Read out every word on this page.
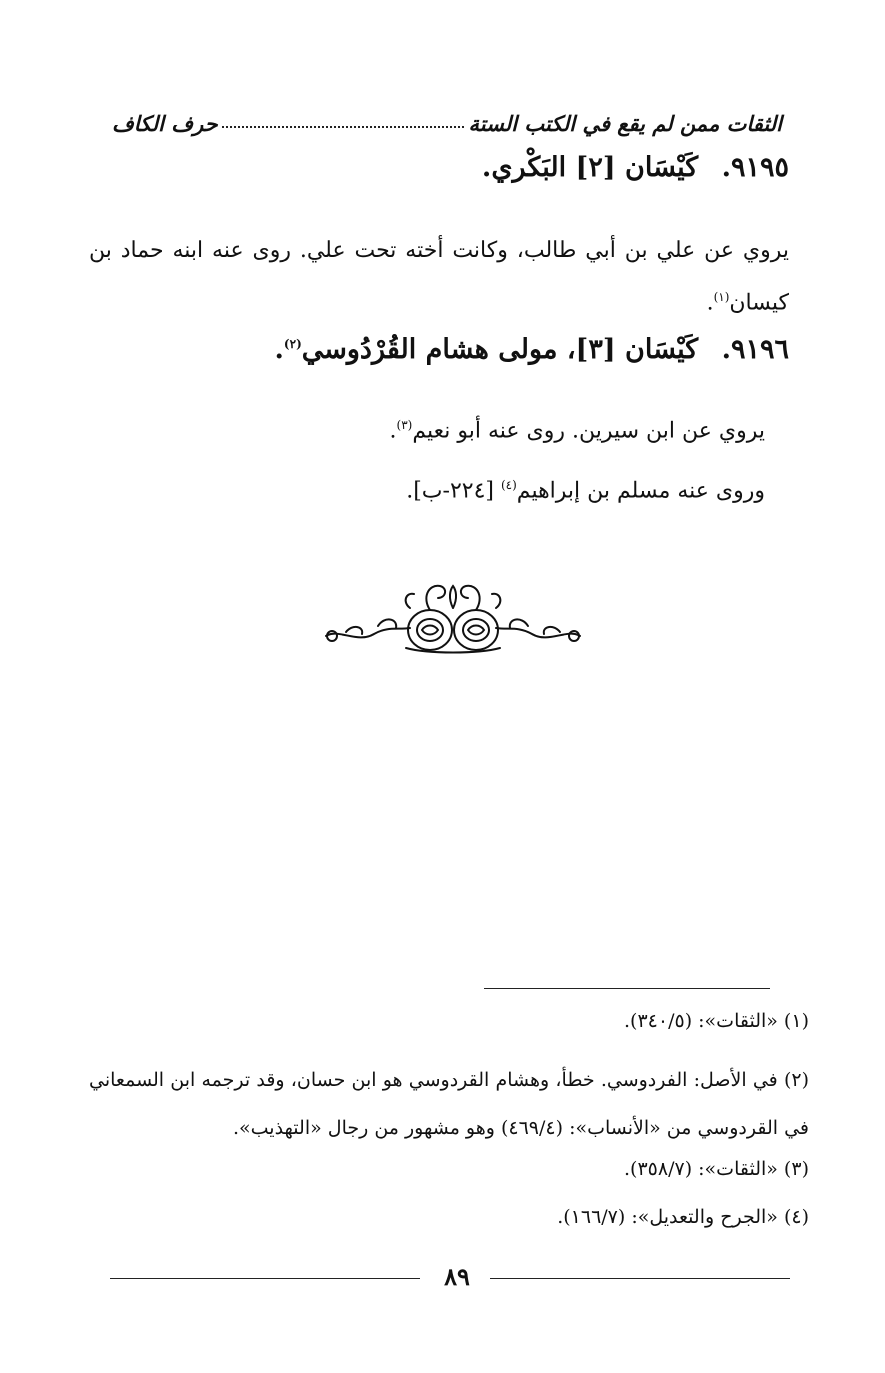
حرف الكاف	الثقات ممن لم يقع في الكتب الستة
٩١٩٥. كَيْسَان [٢] البَكْري.
يروي عن علي بن أبي طالب، وكانت أخته تحت علي. روى عنه ابنه حماد بن كيسان$^{(١)}$.
٩١٩٦. كَيْسَان [٣]، مولى هشام القُرْدُوسي$^{(٢)}$.
يروي عن ابن سيرين. روى عنه أبو نعيم$^{(٣)}$.
وروى عنه مسلم بن إبراهيم$^{(٤)}$ [٢٢٤-ب].
(١) «الثقات»: (٣٤٠/٥).
(٢) في الأصل: الفردوسي. خطأ، وهشام القردوسي هو ابن حسان، وقد ترجمه ابن السمعاني في القردوسي من «الأنساب»: (٤٦٩/٤) وهو مشهور من رجال «التهذيب».
(٣) «الثقات»: (٣٥٨/٧).
(٤) «الجرح والتعديل»: (١٦٦/٧).
٨٩
